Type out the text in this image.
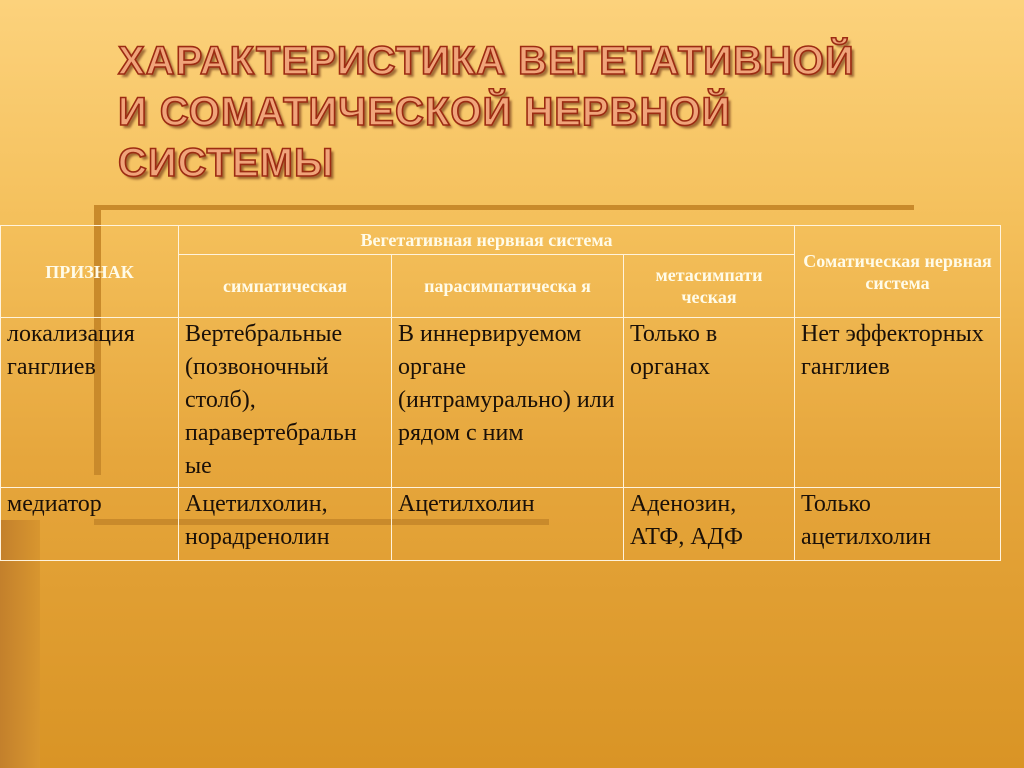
ХАРАКТЕРИСТИКА ВЕГЕТАТИВНОЙ
И СОМАТИЧЕСКОЙ НЕРВНОЙ
СИСТЕМЫ
ПРИЗНАК	Вегетативная нервная система			Соматическая нервная система
	симпатическая	парасимпатическа я	метасимпати ческая	
локализация ганглиев	Вертебральные (позвоночный столб), паравертебральн ые	В иннервируемом органе (интрамурально) или рядом с ним	Только в органах	Нет эффекторных ганглиев
медиатор	Ацетилхолин, норадренолин	Ацетилхолин	Аденозин, АТФ, АДФ	Только ацетилхолин
